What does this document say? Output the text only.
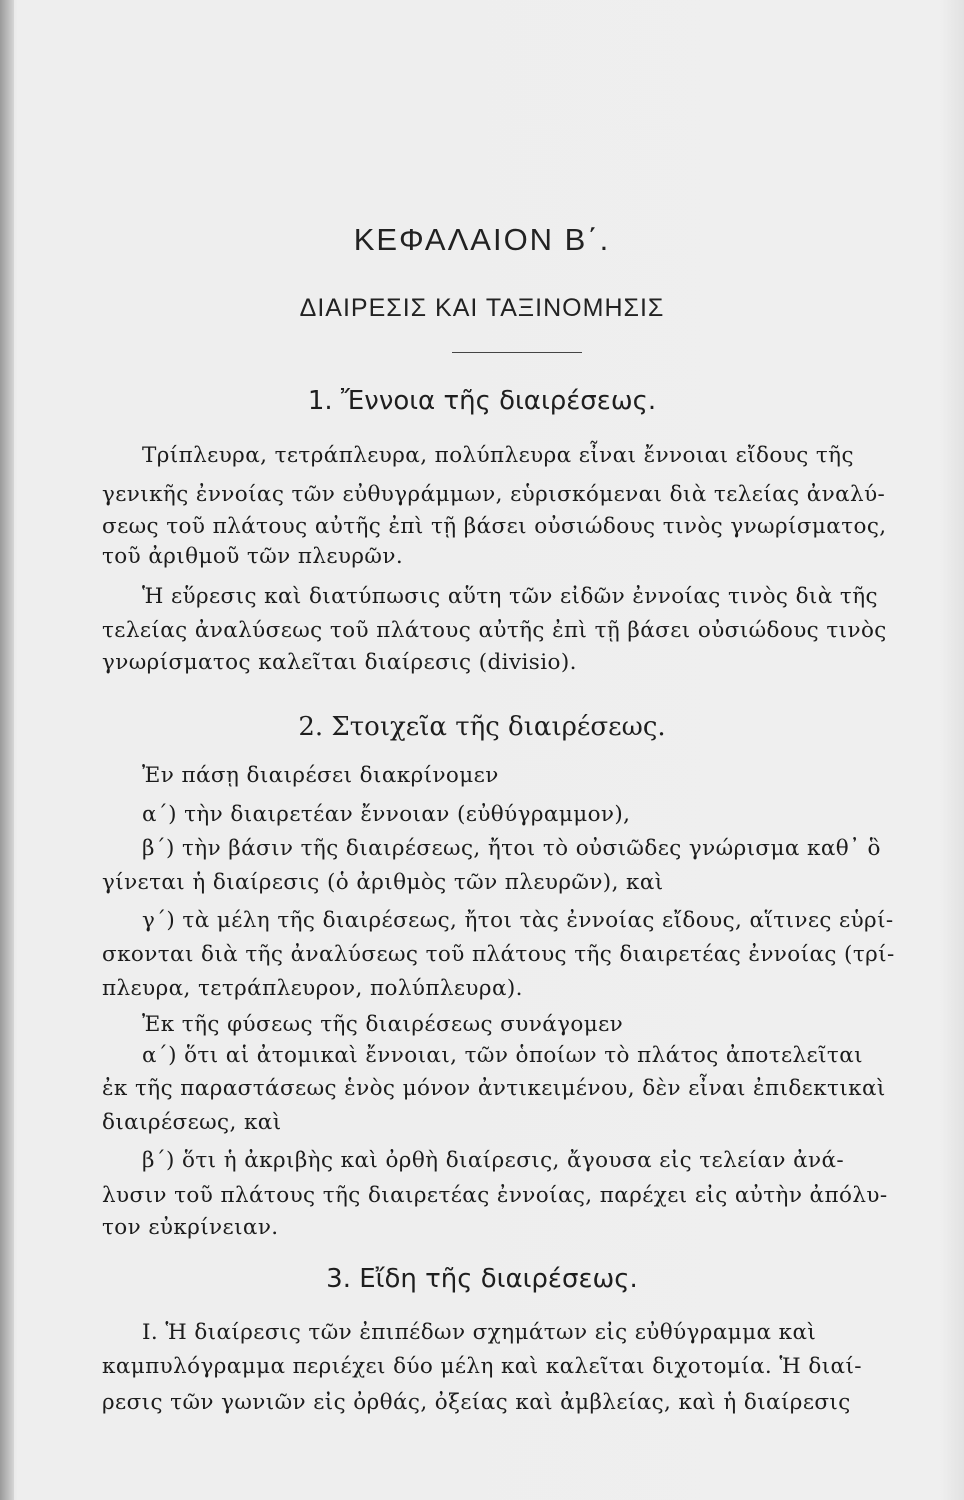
ΚΕΦΑΛΑΙΟΝ Β΄.
ΔΙΑΙΡΕΣΙΣ ΚΑΙ ΤΑΞΙΝΟΜΗΣΙΣ
1. Ἔννοια τῆς διαιρέσεως.
Τρίπλευρα, τετράπλευρα, πολύπλευρα εἶναι ἔννοιαι εἴδους τῆς
γενικῆς ἐννοίας τῶν εὐθυγράμμων, εὑρισκόμεναι διὰ τελείας ἀναλύ-
σεως τοῦ πλάτους αὐτῆς ἐπὶ τῇ βάσει οὐσιώδους τινὸς γνωρίσματος,
τοῦ ἀριθμοῦ τῶν πλευρῶν.
Ἡ εὕρεσις καὶ διατύπωσις αὕτη τῶν εἰδῶν ἐννοίας τινὸς διὰ τῆς
τελείας ἀναλύσεως τοῦ πλάτους αὐτῆς ἐπὶ τῇ βάσει οὐσιώδους τινὸς
γνωρίσματος καλεῖται διαίρεσις (divisio).
2. Στοιχεῖα τῆς διαιρέσεως.
Ἐν πάσῃ διαιρέσει διακρίνομεν
α΄) τὴν διαιρετέαν ἔννοιαν (εὐθύγραμμον),
β΄) τὴν βάσιν τῆς διαιρέσεως, ἤτοι τὸ οὐσιῶδες γνώρισμα καθ᾽ ὃ
γίνεται ἡ διαίρεσις (ὁ ἀριθμὸς τῶν πλευρῶν), καὶ
γ΄) τὰ μέλη τῆς διαιρέσεως, ἤτοι τὰς ἐννοίας εἴδους, αἵτινες εὑρί-
σκονται διὰ τῆς ἀναλύσεως τοῦ πλάτους τῆς διαιρετέας ἐννοίας (τρί-
πλευρα, τετράπλευρον, πολύπλευρα).
Ἐκ τῆς φύσεως τῆς διαιρέσεως συνάγομεν
α΄) ὅτι αἱ ἀτομικαὶ ἔννοιαι, τῶν ὁποίων τὸ πλάτος ἀποτελεῖται
ἐκ τῆς παραστάσεως ἑνὸς μόνον ἀντικειμένου, δὲν εἶναι ἐπιδεκτικαὶ
διαιρέσεως, καὶ
β΄) ὅτι ἡ ἀκριβὴς καὶ ὀρθὴ διαίρεσις, ἄγουσα εἰς τελείαν ἀνά-
λυσιν τοῦ πλάτους τῆς διαιρετέας ἐννοίας, παρέχει εἰς αὐτὴν ἀπόλυ-
τον εὐκρίνειαν.
3. Εἴδη τῆς διαιρέσεως.
Ι. Ἡ διαίρεσις τῶν ἐπιπέδων σχημάτων εἰς εὐθύγραμμα καὶ
καμπυλόγραμμα περιέχει δύο μέλη καὶ καλεῖται διχοτομία. Ἡ διαί-
ρεσις τῶν γωνιῶν εἰς ὀρθάς, ὀξείας καὶ ἀμβλείας, καὶ ἡ διαίρεσις
